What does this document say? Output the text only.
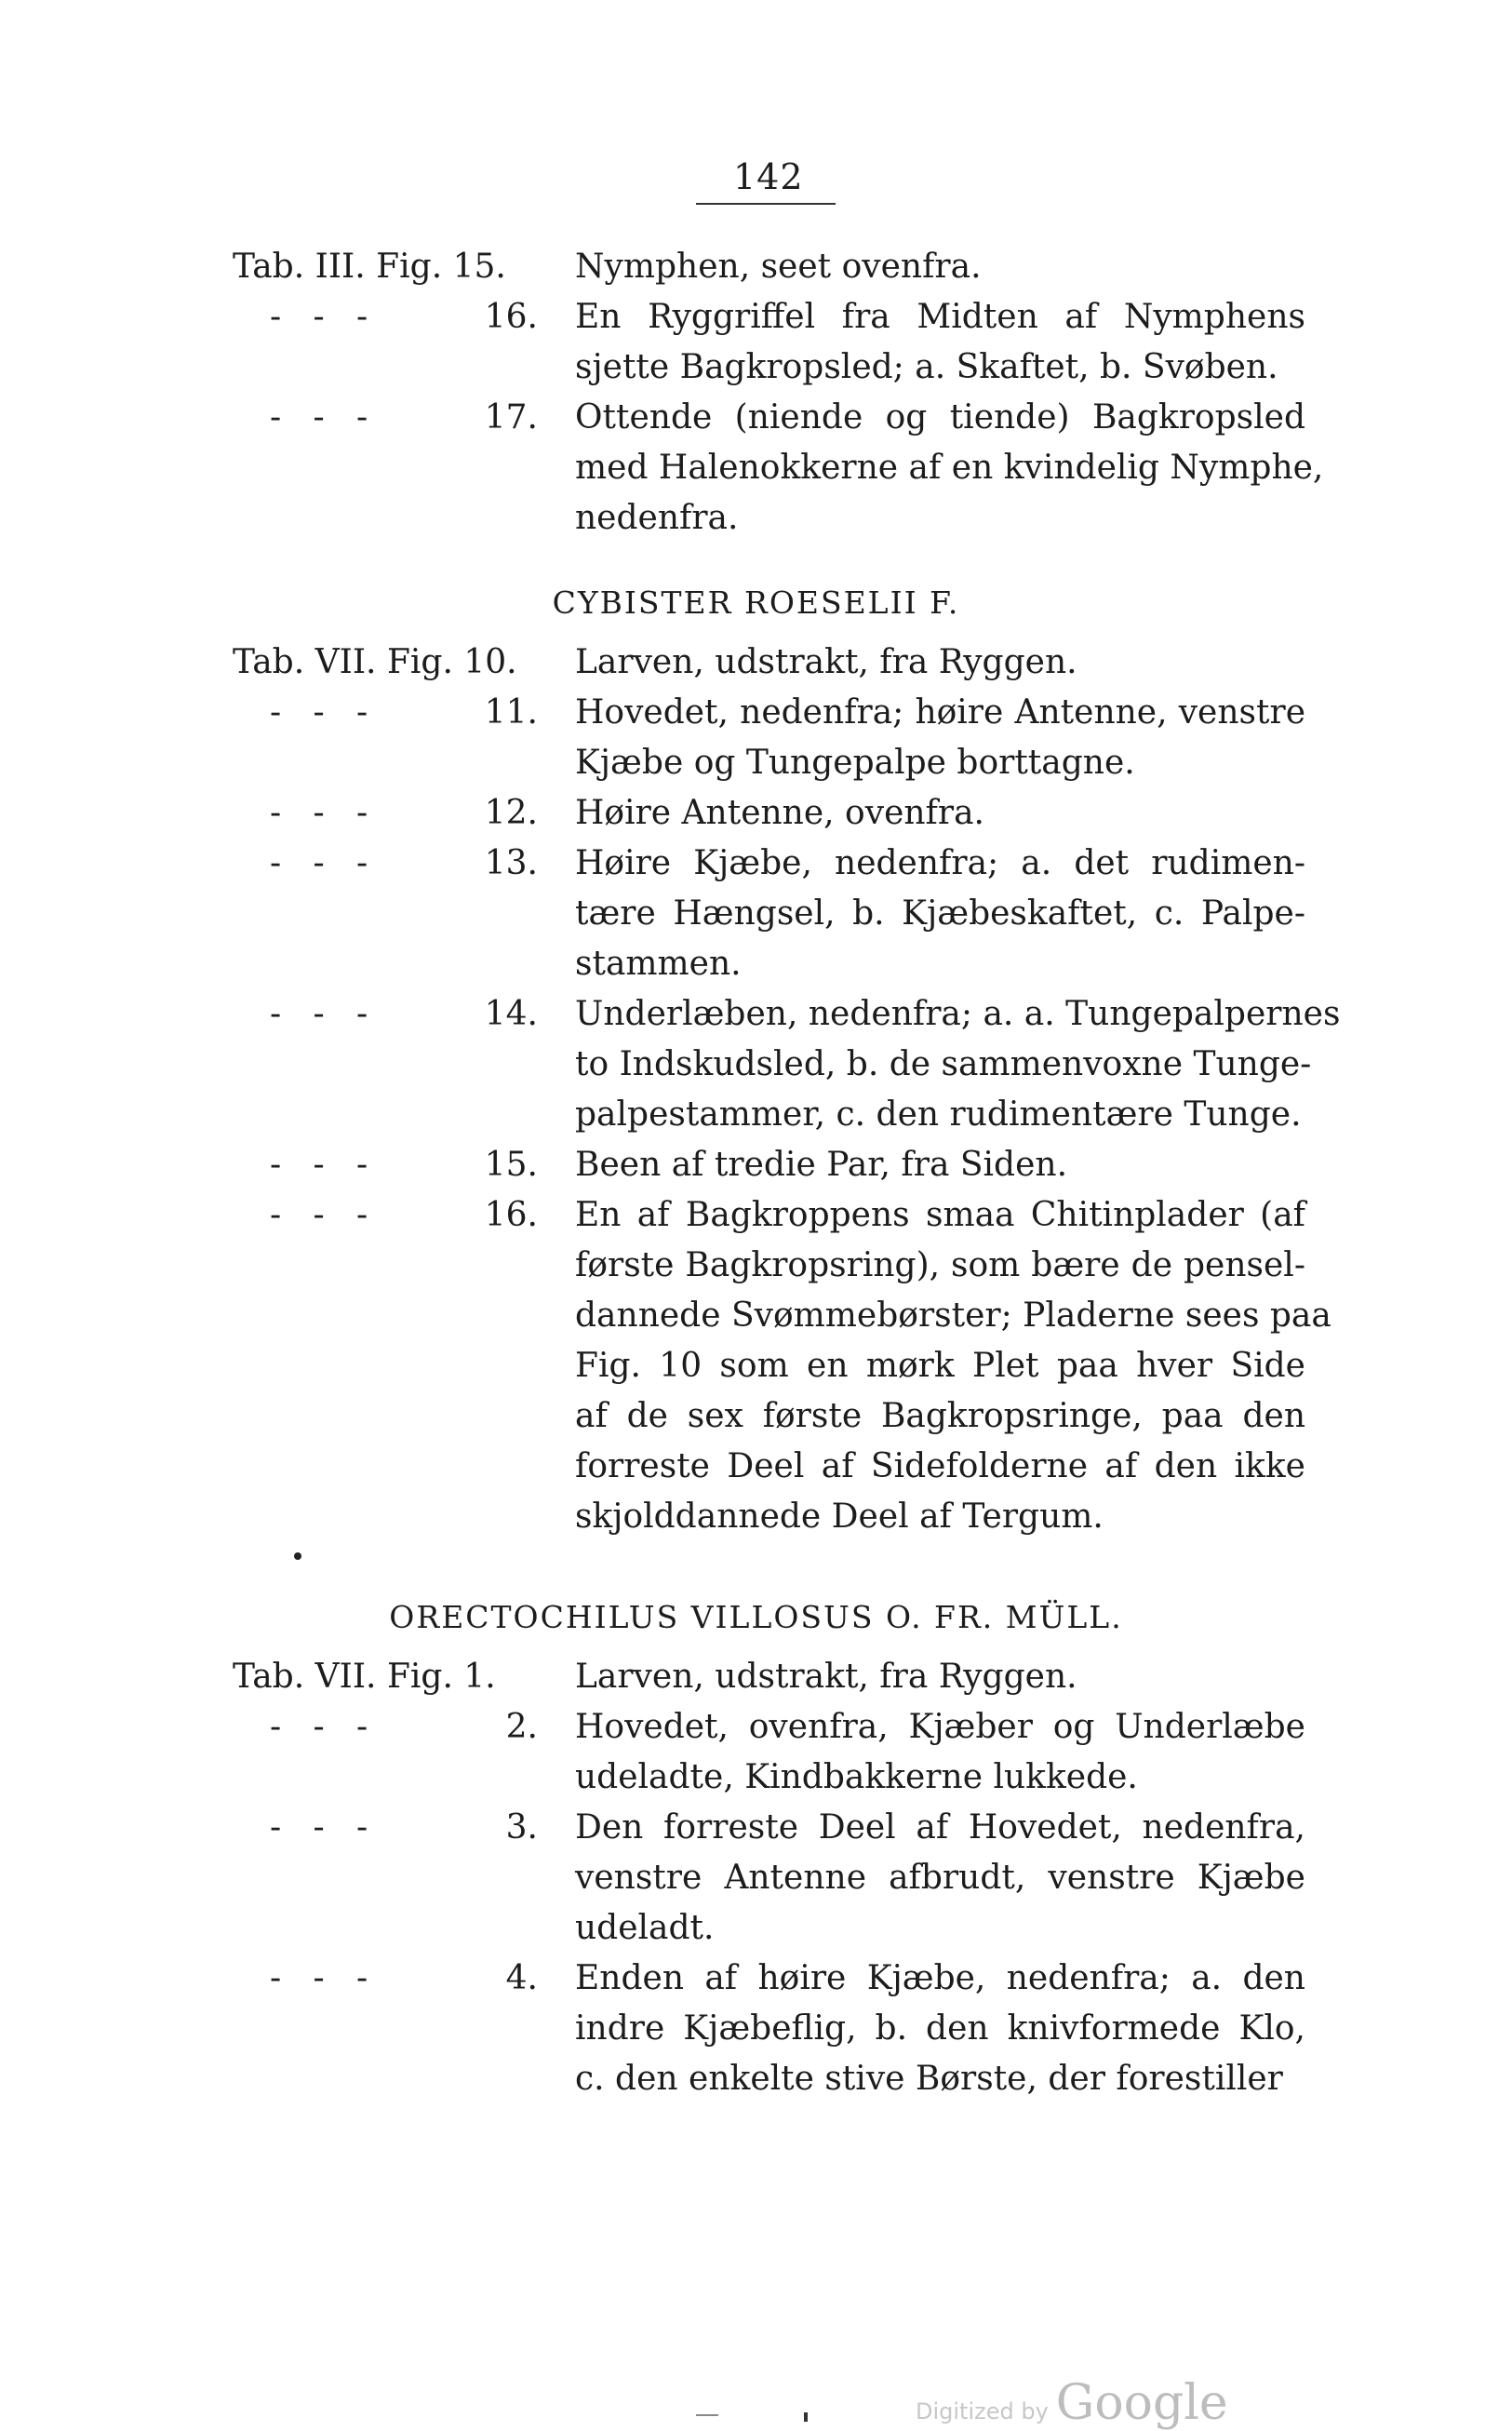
142
Tab. III. Fig. 15. Nymphen, seet ovenfra.
-   -   -	16. En Ryggriffel fra Midten af Nymphens
sjette Bagkropsled; a. Skaftet, b. Svøben.
-   -   -	17. Ottende (niende og tiende) Bagkropsled
med Halenokkerne af en kvindelig Nymphe,
nedenfra.
CYBISTER ROESELII F.
Tab. VII. Fig. 10. Larven, udstrakt, fra Ryggen.
-   -   -	11. Hovedet, nedenfra; høire Antenne, venstre
Kjæbe og Tungepalpe borttagne.
-   -   -	12. Høire Antenne, ovenfra.
-   -   -	13. Høire Kjæbe, nedenfra; a. det rudimen-
tære Hængsel, b. Kjæbeskaftet, c. Palpe-
stammen.
-   -   -	14. Underlæben, nedenfra; a. a. Tungepalpernes
to Indskudsled, b. de sammenvoxne Tunge-
palpestammer, c. den rudimentære Tunge.
-   -   -	15. Been af tredie Par, fra Siden.
-   -   -	16. En af Bagkroppens smaa Chitinplader (af
første Bagkropsring), som bære de pensel-
dannede Svømmebørster; Pladerne sees paa
Fig. 10 som en mørk Plet paa hver Side
af de sex første Bagkropsringe, paa den
forreste Deel af Sidefolderne af den ikke
skjolddannede Deel af Tergum.
ORECTOCHILUS VILLOSUS O. FR. MÜLL.
Tab. VII. Fig. 1. Larven, udstrakt, fra Ryggen.
-   -   -	2. Hovedet, ovenfra, Kjæber og Underlæbe
udeladte, Kindbakkerne lukkede.
-   -   -	3. Den forreste Deel af Hovedet, nedenfra,
venstre Antenne afbrudt, venstre Kjæbe
udeladt.
-   -   -	4. Enden af høire Kjæbe, nedenfra; a. den
indre Kjæbeflig, b. den knivformede Klo,
c. den enkelte stive Børste, der forestiller
Digitized by Google
